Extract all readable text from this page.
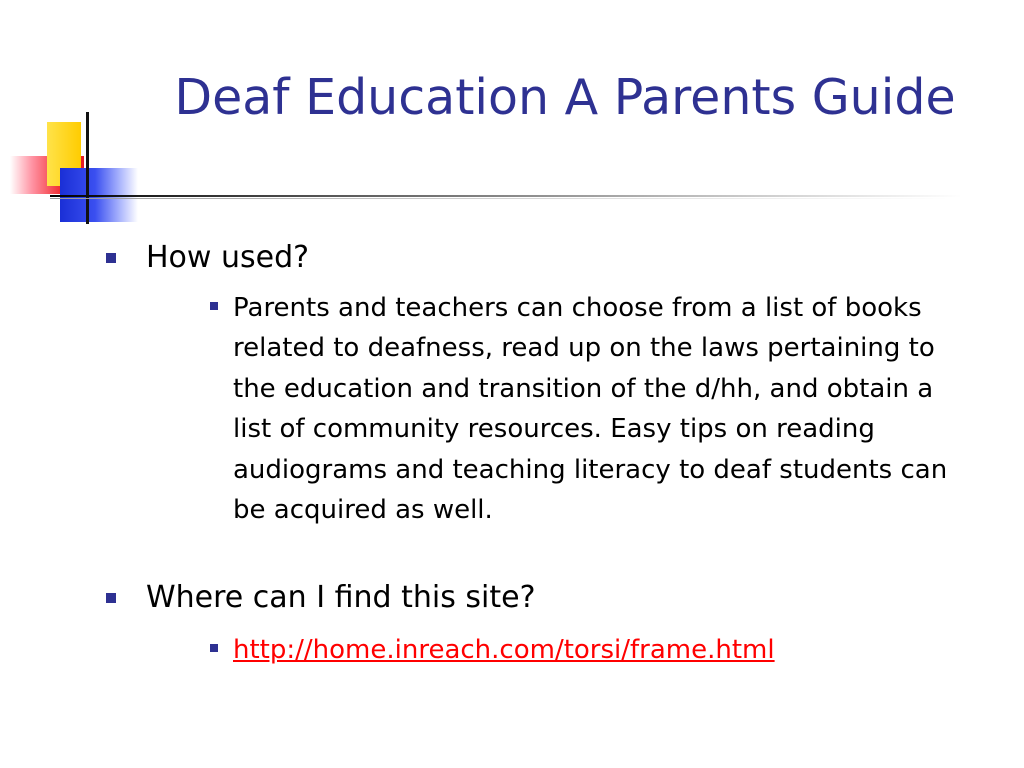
Deaf Education A Parents Guide
How used?
Parents and teachers can choose from a list of books related to deafness, read up on the laws pertaining to the education and transition of the d/hh, and obtain a list of community resources. Easy tips on reading audiograms and teaching literacy to deaf students can be acquired as well.
Where can I find this site?
http://home.inreach.com/torsi/frame.html
